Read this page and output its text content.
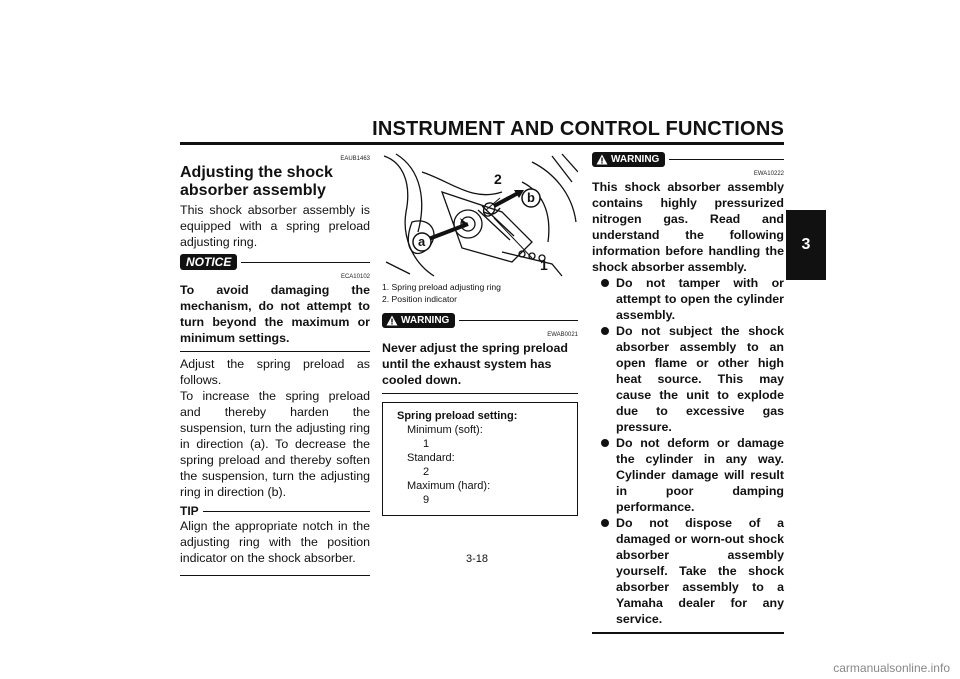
INSTRUMENT AND CONTROL FUNCTIONS
3
EAUB1463
Adjusting the shock absorber assembly

This shock absorber assembly is equipped with a spring preload adjusting ring.

NOTICE
ECA10102

To avoid damaging the mechanism, do not attempt to turn beyond the maximum or minimum settings.

Adjust the spring preload as follows.

To increase the spring preload and thereby harden the suspension, turn the adjusting ring in direction (a). To decrease the spring preload and thereby soften the suspension, turn the adjusting ring in direction (b).

TIP

Align the appropriate notch in the adjusting ring with the position indicator on the shock absorber.

a
b
2
1
1. Spring preload adjusting ring
2. Position indicator
WARNING
EWAB0021

Never adjust the spring preload until the exhaust system has cooled down.

Spring preload setting:
Minimum (soft):
1
Standard:
2
Maximum (hard):
9
WARNING
EWA10222

This shock absorber assembly contains highly pressurized nitrogen gas. Read and understand the following information before handling the shock absorber assembly.

Do not tamper with or attempt to open the cylinder assembly.
Do not subject the shock absorber assembly to an open flame or other high heat source. This may cause the unit to explode due to excessive gas pressure.
Do not deform or damage the cylinder in any way. Cylinder damage will result in poor damping performance.
Do not dispose of a damaged or worn-out shock absorber assembly yourself. Take the shock absorber assembly to a Yamaha dealer for any service.
3-18
carmanualsonline.info
